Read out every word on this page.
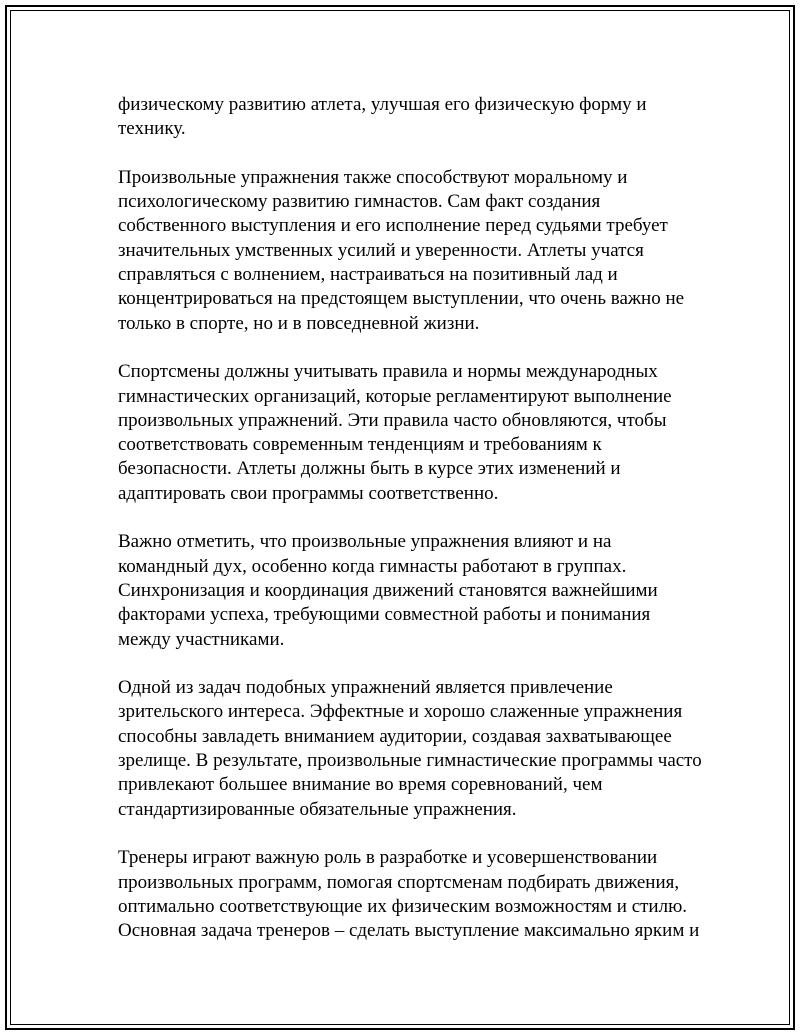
физическому развитию атлета, улучшая его физическую форму и
технику.

Произвольные упражнения также способствуют моральному и
психологическому развитию гимнастов. Сам факт создания
собственного выступления и его исполнение перед судьями требует
значительных умственных усилий и уверенности. Атлеты учатся
справляться с волнением, настраиваться на позитивный лад и
концентрироваться на предстоящем выступлении, что очень важно не
только в спорте, но и в повседневной жизни.

Спортсмены должны учитывать правила и нормы международных
гимнастических организаций, которые регламентируют выполнение
произвольных упражнений. Эти правила часто обновляются, чтобы
соответствовать современным тенденциям и требованиям к
безопасности. Атлеты должны быть в курсе этих изменений и
адаптировать свои программы соответственно.

Важно отметить, что произвольные упражнения влияют и на
командный дух, особенно когда гимнасты работают в группах.
Синхронизация и координация движений становятся важнейшими
факторами успеха, требующими совместной работы и понимания
между участниками.

Одной из задач подобных упражнений является привлечение
зрительского интереса. Эффектные и хорошо слаженные упражнения
способны завладеть вниманием аудитории, создавая захватывающее
зрелище. В результате, произвольные гимнастические программы часто
привлекают большее внимание во время соревнований, чем
стандартизированные обязательные упражнения.

Тренеры играют важную роль в разработке и усовершенствовании
произвольных программ, помогая спортсменам подбирать движения,
оптимально соответствующие их физическим возможностям и стилю.
Основная задача тренеров – сделать выступление максимально ярким и
